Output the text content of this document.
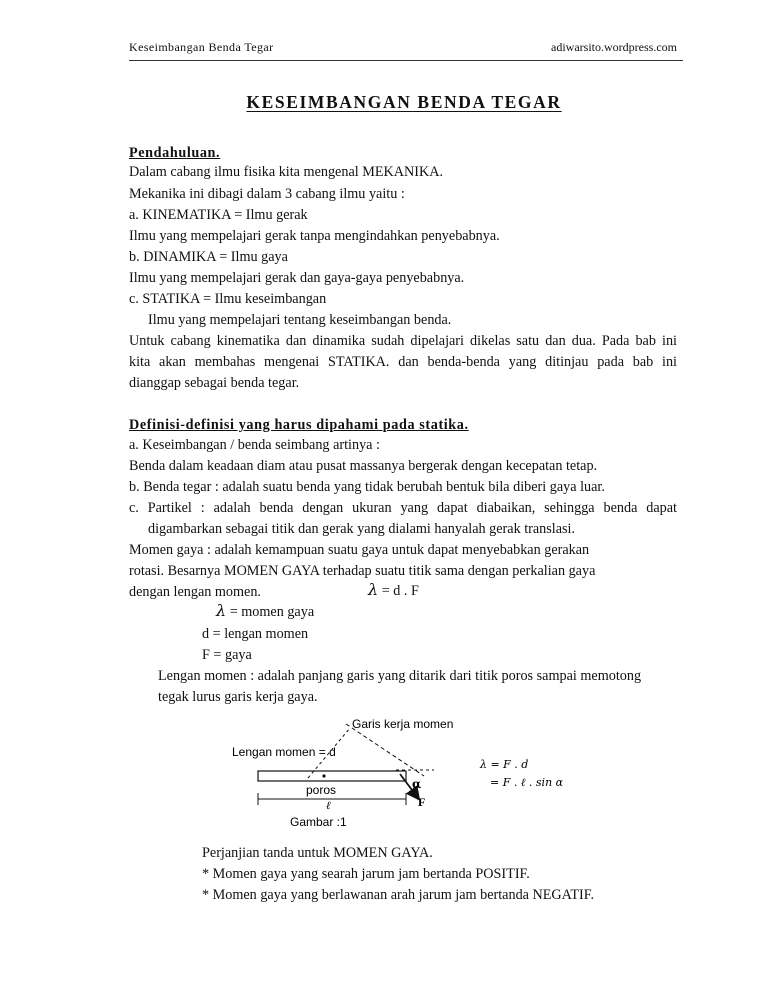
Keseimbangan Benda Tegar	adiwarsito.wordpress.com
KESEIMBANGAN BENDA TEGAR
Pendahuluan.
Dalam cabang ilmu fisika kita mengenal MEKANIKA.
Mekanika ini dibagi dalam 3 cabang ilmu yaitu :
a. KINEMATIKA = Ilmu gerak
Ilmu yang mempelajari gerak tanpa mengindahkan penyebabnya.
b. DINAMIKA = Ilmu gaya
Ilmu yang mempelajari gerak dan gaya-gaya penyebabnya.
c. STATIKA = Ilmu keseimbangan
Ilmu yang mempelajari tentang keseimbangan benda.
Untuk cabang kinematika dan dinamika sudah dipelajari dikelas satu dan dua. Pada bab ini
kita akan membahas mengenai STATIKA. dan benda-benda yang ditinjau pada bab ini
dianggap sebagai benda tegar.
Definisi-definisi yang harus dipahami pada statika.
a. Keseimbangan / benda seimbang artinya :
Benda dalam keadaan diam atau pusat massanya bergerak dengan kecepatan tetap.
b. Benda tegar : adalah suatu benda yang tidak berubah bentuk bila diberi gaya luar.
c. Partikel : adalah benda dengan ukuran yang dapat diabaikan, sehingga benda dapat
digambarkan sebagai titik dan gerak yang dialami hanyalah gerak translasi.
Momen gaya : adalah kemampuan suatu gaya untuk dapat menyebabkan gerakan
rotasi. Besarnya MOMEN GAYA terhadap suatu titik sama dengan perkalian gaya
dengan lengan momen.	λ = d . F
λ = momen gaya
d = lengan momen
F = gaya
Lengan momen : adalah panjang garis yang ditarik dari titik poros sampai memotong
tegak lurus garis kerja gaya.
Garis kerja momen
Lengan momen = d
poros
ℓ
α
F
Gambar :1
λ = F . d
= F . ℓ . sin α
Perjanjian tanda untuk MOMEN GAYA.
* Momen gaya yang searah jarum jam bertanda POSITIF.
* Momen gaya yang berlawanan arah jarum jam bertanda NEGATIF.
